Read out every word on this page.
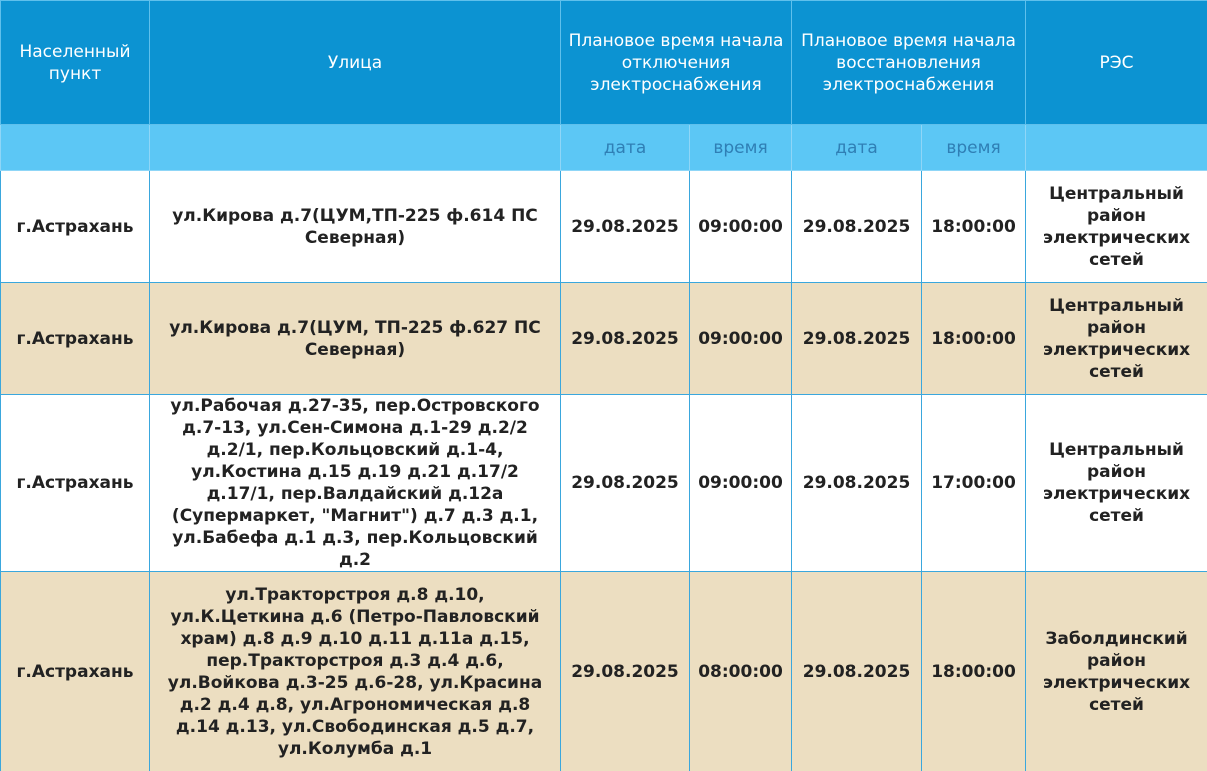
Населенный пункт	Улица	Плановое время начала отключения электроснабжения		Плановое время начала восстановления электроснабжения		РЭС
		дата	время	дата	время	
г.Астрахань	ул.Кирова д.7(ЦУМ,ТП-225 ф.614 ПС Северная)	29.08.2025	09:00:00	29.08.2025	18:00:00	Центральный район электрических сетей
г.Астрахань	ул.Кирова д.7(ЦУМ, ТП-225 ф.627 ПС Северная)	29.08.2025	09:00:00	29.08.2025	18:00:00	Центральный район электрических сетей
г.Астрахань	ул.Рабочая д.27-35, пер.Островского д.7-13, ул.Сен-Симона д.1-29 д.2/2 д.2/1, пер.Кольцовский д.1-4, ул.Костина д.15 д.19 д.21 д.17/2 д.17/1, пер.Валдайский д.12а (Супермаркет, "Магнит") д.7 д.3 д.1, ул.Бабефа д.1 д.3, пер.Кольцовский д.2	29.08.2025	09:00:00	29.08.2025	17:00:00	Центральный район электрических сетей
г.Астрахань	ул.Тракторстроя д.8 д.10, ул.К.Цеткина д.6 (Петро-Павловский храм) д.8 д.9 д.10 д.11 д.11а д.15, пер.Тракторстроя д.3 д.4 д.6, ул.Войкова д.3-25 д.6-28, ул.Красина д.2 д.4 д.8, ул.Агрономическая д.8 д.14 д.13, ул.Свободинская д.5 д.7, ул.Колумба д.1	29.08.2025	08:00:00	29.08.2025	18:00:00	Заболдинский район электрических сетей
